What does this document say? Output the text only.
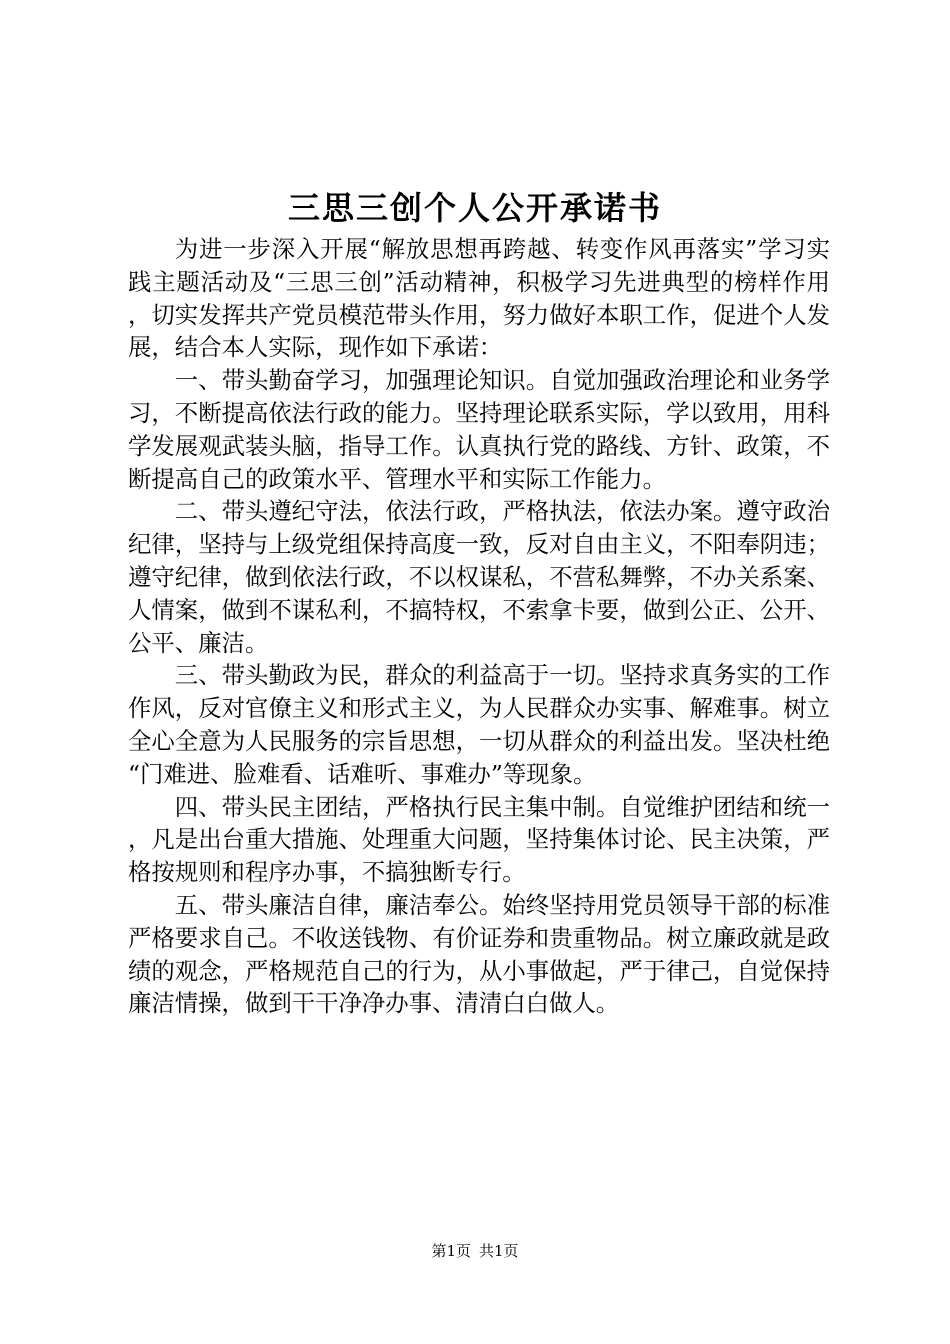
三思三创个人公开承诺书

为进一步深入开展“解放思想再跨越、转变作风再落实”学习实践主题活动及“三思三创”活动精神，积极学习先进典型的榜样作用，切实发挥共产党员模范带头作用，努力做好本职工作，促进个人发展，结合本人实际，现作如下承诺：

一、带头勤奋学习，加强理论知识。自觉加强政治理论和业务学习，不断提高依法行政的能力。坚持理论联系实际，学以致用，用科学发展观武装头脑，指导工作。认真执行党的路线、方针、政策，不断提高自己的政策水平、管理水平和实际工作能力。

二、带头遵纪守法，依法行政，严格执法，依法办案。遵守政治纪律，坚持与上级党组保持高度一致，反对自由主义，不阳奉阴违；遵守纪律，做到依法行政，不以权谋私，不营私舞弊，不办关系案、人情案，做到不谋私利，不搞特权，不索拿卡要，做到公正、公开、公平、廉洁。

三、带头勤政为民，群众的利益高于一切。坚持求真务实的工作作风，反对官僚主义和形式主义，为人民群众办实事、解难事。树立全心全意为人民服务的宗旨思想，一切从群众的利益出发。坚决杜绝“门难进、脸难看、话难听、事难办”等现象。

四、带头民主团结，严格执行民主集中制。自觉维护团结和统一，凡是出台重大措施、处理重大问题，坚持集体讨论、民主决策，严格按规则和程序办事，不搞独断专行。

五、带头廉洁自律，廉洁奉公。始终坚持用党员领导干部的标准严格要求自己。不收送钱物、有价证券和贵重物品。树立廉政就是政绩的观念，严格规范自己的行为，从小事做起，严于律己，自觉保持廉洁情操，做到干干净净办事、清清白白做人。

第1页 共1页
